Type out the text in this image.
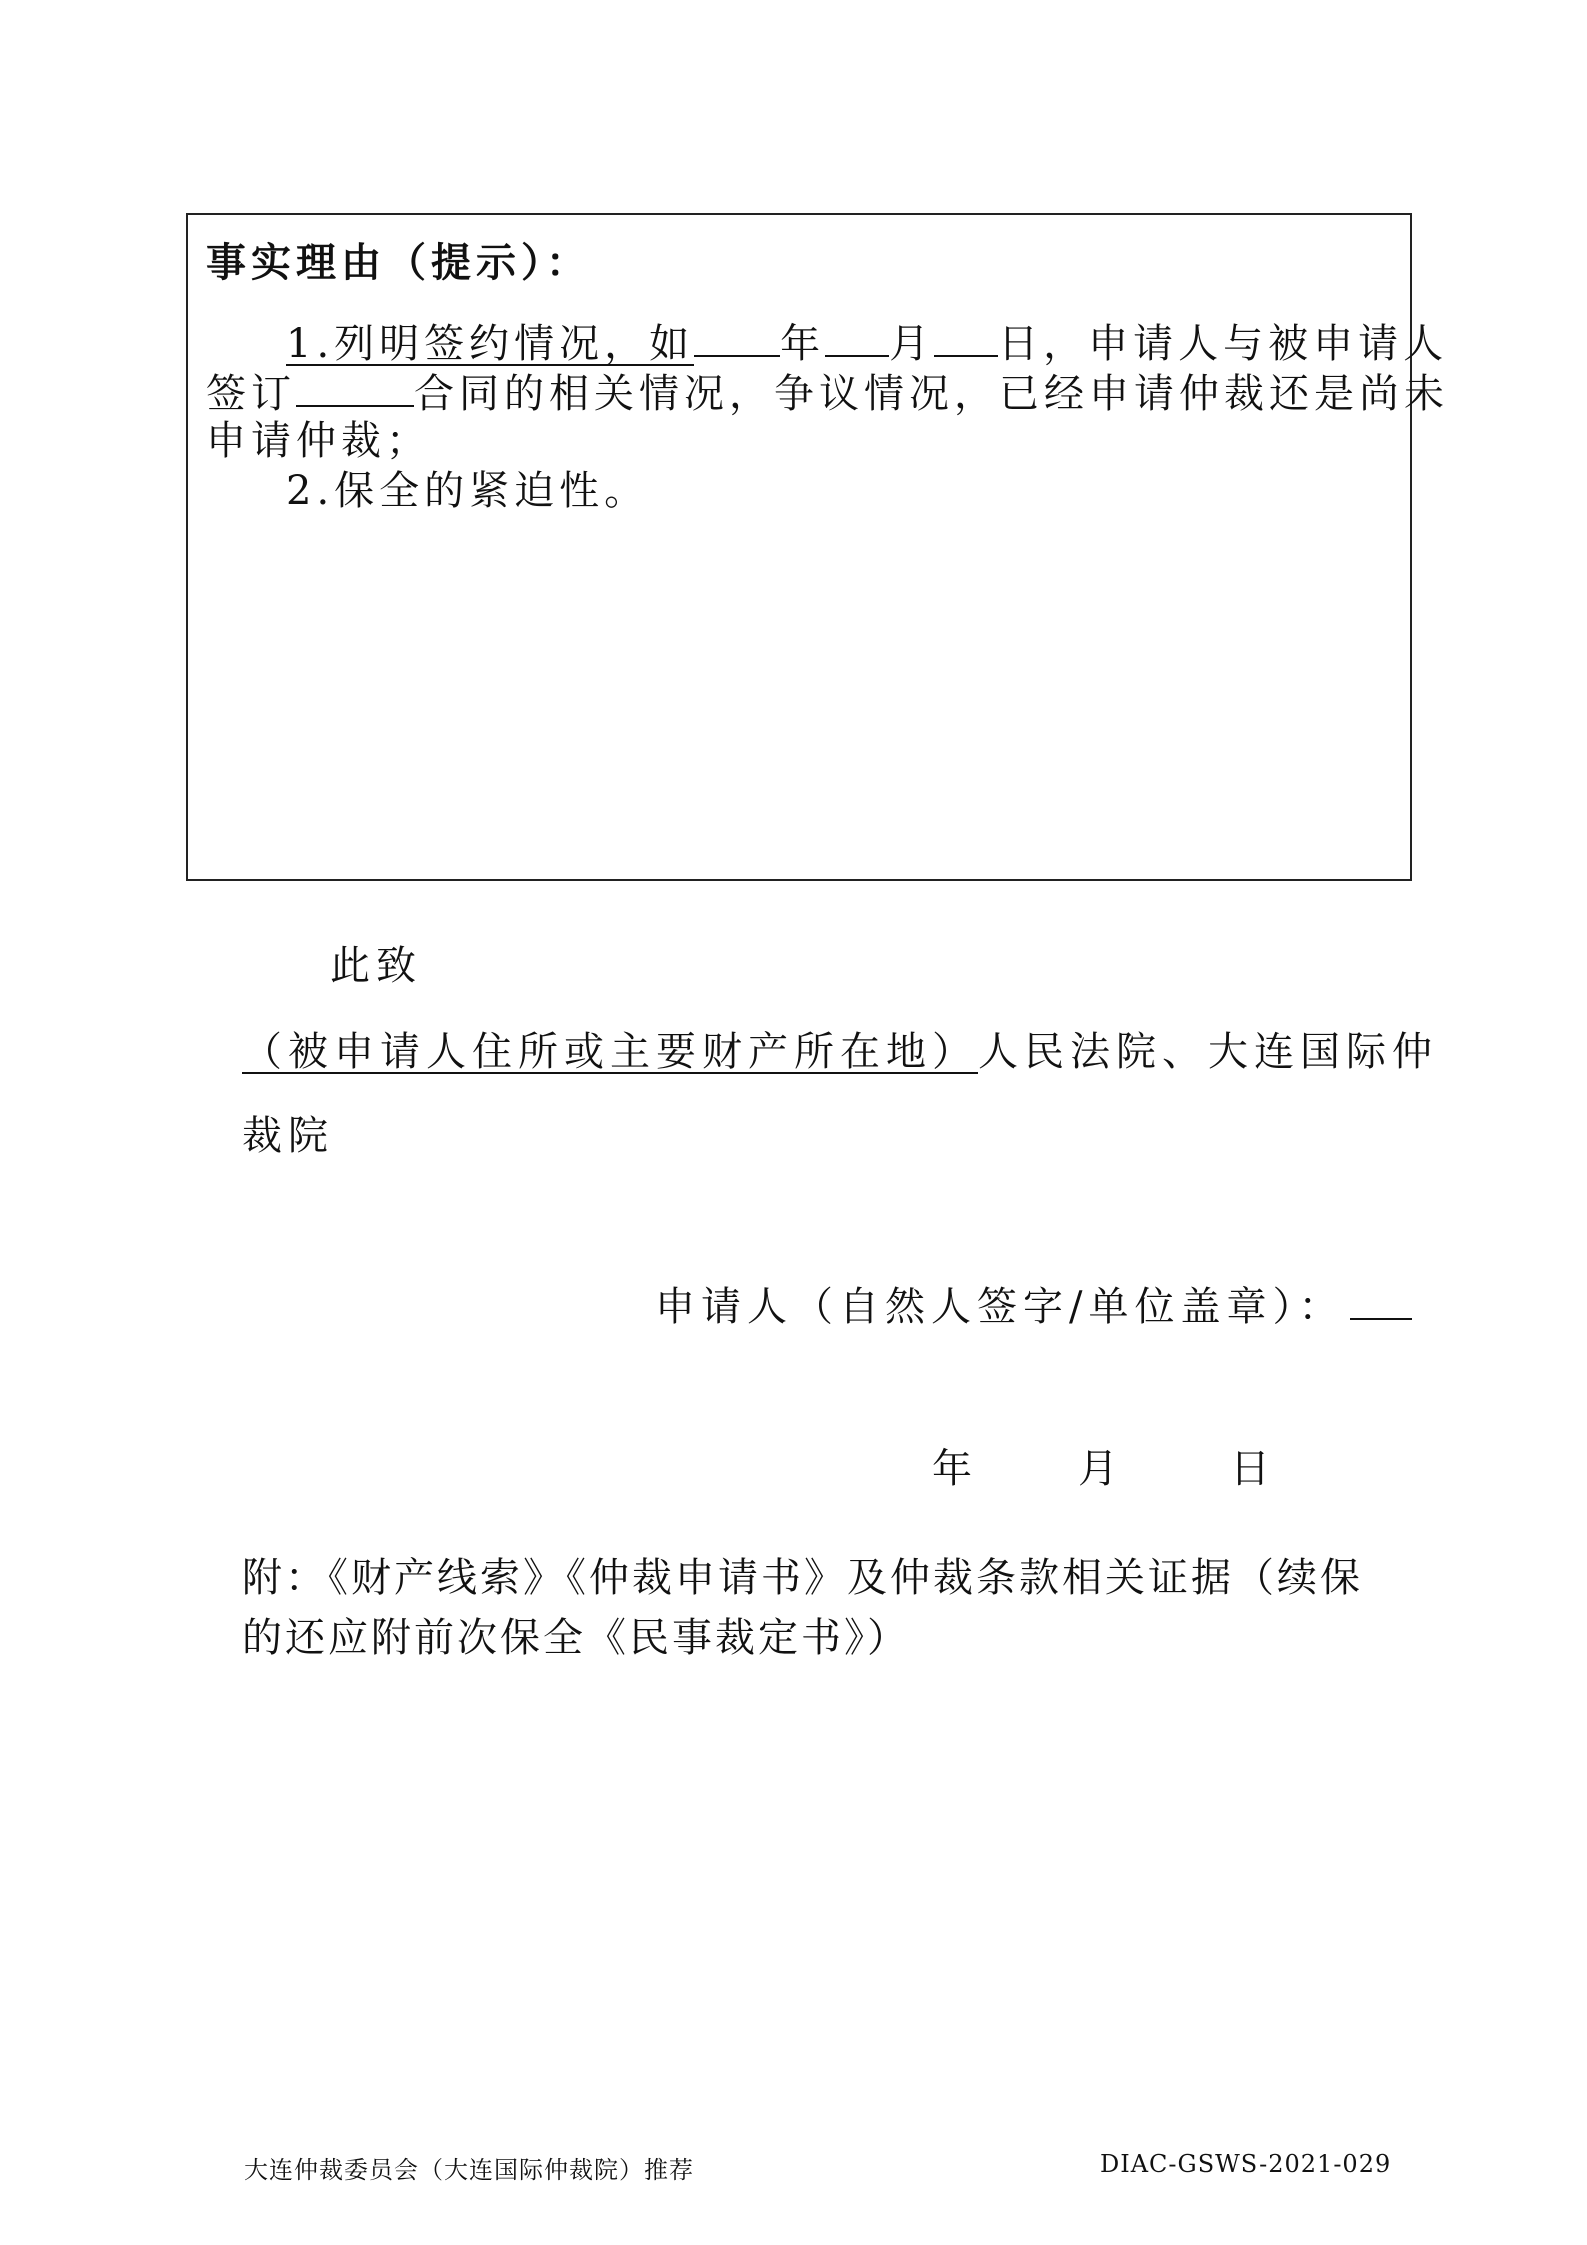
事实理由（提示）：
1.列明签约情况，如 年 月 日，申请人与被申请人
签订	合同的相关情况，争议情况，已经申请仲裁还是尚未
申请仲裁；
2.保全的紧迫性。
此致
（被申请人住所或主要财产所在地）人民法院、大连国际仲
裁院
申请人（自然人签字/单位盖章）：
年	月	日
附：《财产线索》《仲裁申请书》及仲裁条款相关证据（续保
的还应附前次保全《民事裁定书》）
大连仲裁委员会（大连国际仲裁院）推荐	DIAC-GSWS-2021-029
